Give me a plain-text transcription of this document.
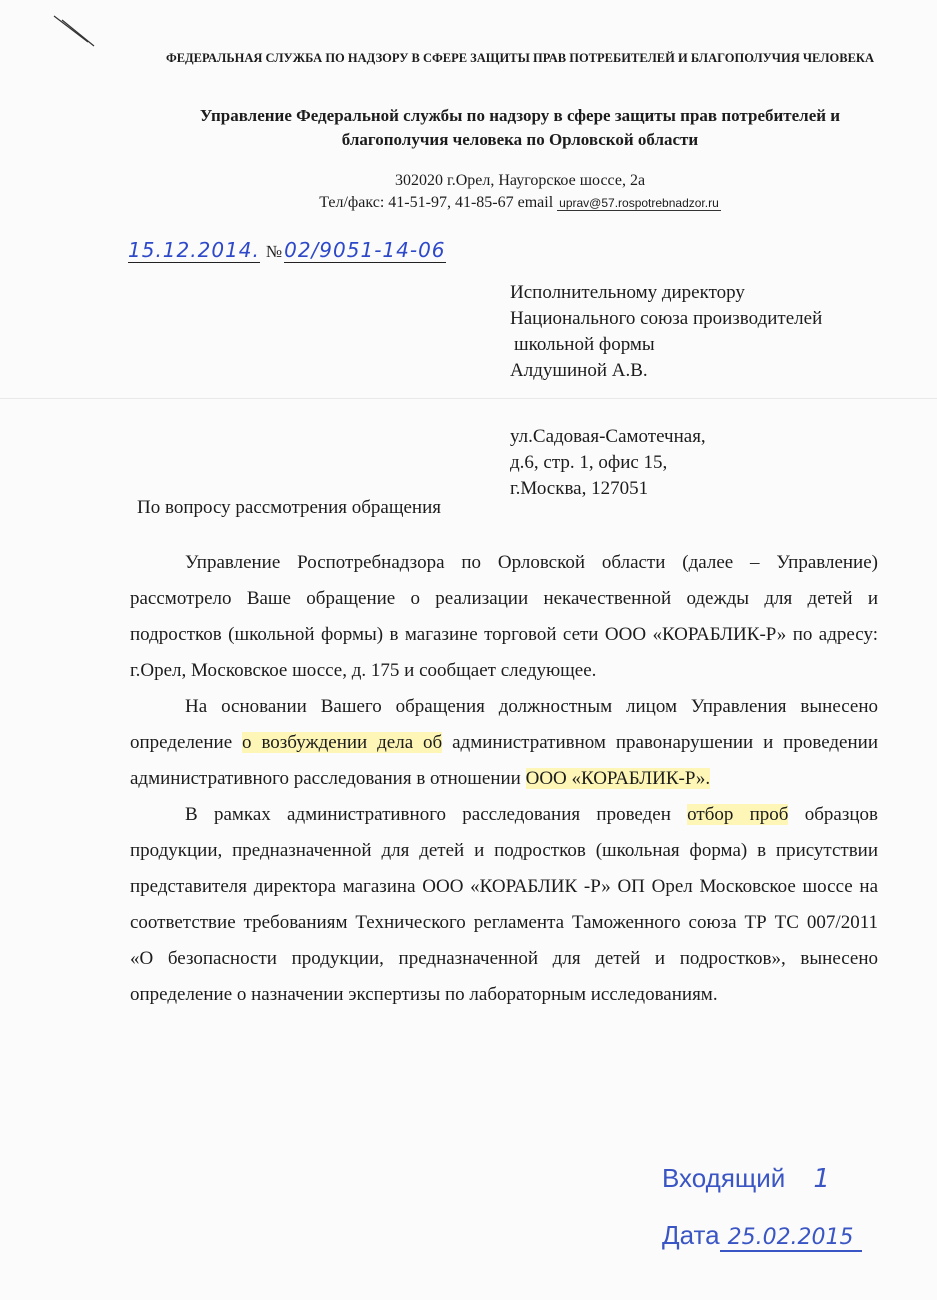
ФЕДЕРАЛЬНАЯ СЛУЖБА ПО НАДЗОРУ В СФЕРЕ ЗАЩИТЫ ПРАВ ПОТРЕБИТЕЛЕЙ И БЛАГОПОЛУЧИЯ ЧЕЛОВЕКА
Управление Федеральной службы по надзору в сфере защиты прав потребителей и
благополучия человека по Орловской области
302020 г.Орел, Наугорское шоссе, 2а
Тел/факс: 41-51-97, 41-85-67 email uprav@57.rospotrebnadzor.ru
15.12.2014. № 02/9051-14-06
Исполнительному директору
Национального союза производителей
школьной формы
Алдушиной А.В.
ул.Садовая-Самотечная,
д.6, стр. 1, офис 15,
г.Москва, 127051
По вопросу рассмотрения обращения

Управление Роспотребнадзора по Орловской области (далее – Управление) рассмотрело Ваше обращение о реализации некачественной одежды для детей и подростков (школьной формы) в магазине торговой сети ООО «КОРАБЛИК-Р» по адресу: г.Орел, Московское шоссе, д. 175 и сообщает следующее.

На основании Вашего обращения должностным лицом Управления вынесено определение о возбуждении дела об административном правонарушении и проведении административного расследования в отношении ООО «КОРАБЛИК-Р».

В рамках административного расследования проведен отбор проб образцов продукции, предназначенной для детей и подростков (школьная форма) в присутствии представителя директора магазина ООО «КОРАБЛИК -Р» ОП Орел Московское шоссе на соответствие требованиям Технического регламента Таможенного союза ТР ТС 007/2011 «О безопасности продукции, предназначенной для детей и подростков», вынесено определение о назначении экспертизы по лабораторным исследованиям.

Входящий 1
Дата 25.02.2015
